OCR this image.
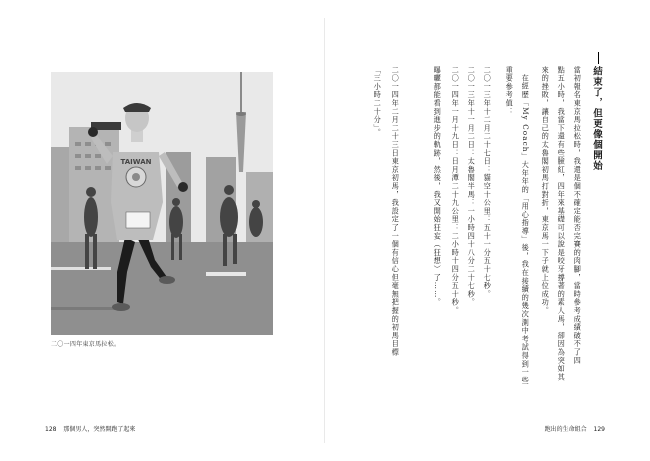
TAIWAN
二〇一四年東京馬拉松。
結束了，但更像個開始
當初報名東京馬拉松時，我還是個不確定能否完賽的肉腳，當時參考成績破不了四
點五小時，我當下還有些臉紅，四年來基礎可以說是咬牙撐著的素人馬，卻因為突如其
來的挫敗，讓自己的太魯閣初馬打對折，東京馬一下子就上位成功。
在經歷「My Coach」大年年的「用心指導」後，我在接續的幾次測中考試得到一些
重要參考值：
二〇一三年十二月二十七日：貓空十公里：五十一分五十七秒。
二〇一三年十一月二日：太魯閣半馬：一小時四十八分二十七秒。
二〇一四年一月十九日：日月潭二十九公里：二小時十四分五十秒。
曝曬都能看到進步的軌跡，然後，我又開始狂妄（狂想）了……。
二〇一四年二月二十三日東京初馬，我設定了一個有信心但毫無把握的初馬目標
「三小時二十分」。
128 那個男人，突然開跑了起來	跑出的生命組合 129
